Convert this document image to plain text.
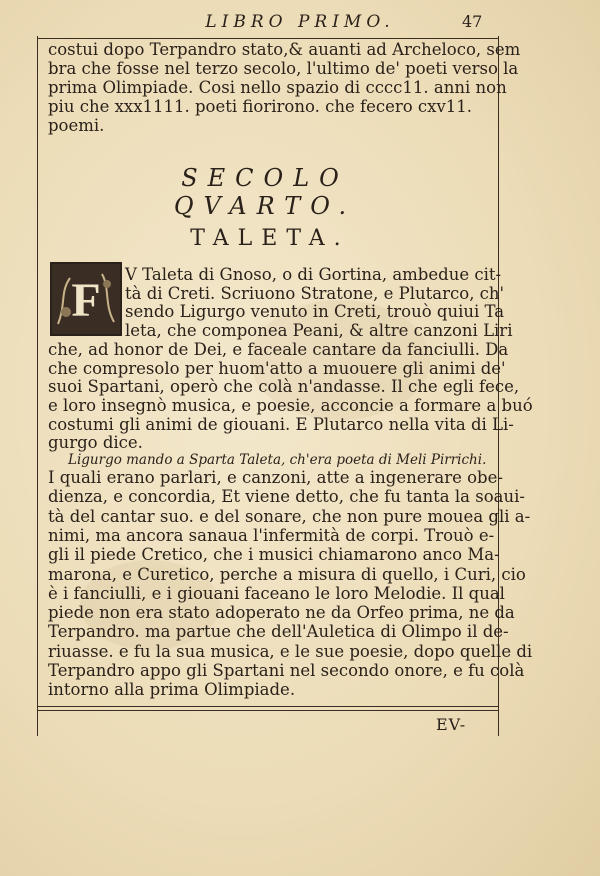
LIBRO PRIMO.	47
costui dopo Terpandro stato,& auanti ad Archeloco, sem
bra che fosse nel terzo secolo, l'ultimo de' poeti verso la
prima Olimpiade. Cosi nello spazio di cccc11. anni non
piu che xxx1111. poeti fiorirono. che fecero cxv11.
poemi.
SECOLO QVARTO.
TALETA.
F V Taleta di Gnoso, o di Gortina, ambedue cit-
tà di Creti. Scriuono Stratone, e Plutarco, ch'
sendo Ligurgo venuto in Creti, trouò quiui Ta
leta, che componea Peani, & altre canzoni Liri
che, ad honor de Dei, e faceale cantare da fanciulli. Da
che compresolo per huom'atto a muouere gli animi de'
suoi Spartani, operò che colà n'andasse. Il che egli fece,
e loro insegnò musica, e poesie, acconcie a formare a buó
costumi gli animi de giouani. E Plutarco nella vita di Li-
gurgo dice.
Ligurgo mando a Sparta Taleta, ch'era poeta di Meli Pirrichi.
I quali erano parlari, e canzoni, atte a ingenerare obe-
dienza, e concordia, Et viene detto, che fu tanta la soaui-
tà del cantar suo. e del sonare, che non pure mouea gli a-
nimi, ma ancora sanaua l'infermità de corpi. Trouò e-
gli il piede Cretico, che i musici chiamarono anco Ma-
marona, e Curetico, perche a misura di quello, i Curi, cio
è i fanciulli, e i giouani faceano le loro Melodie. Il qual
piede non era stato adoperato ne da Orfeo prima, ne da
Terpandro. ma partue che dell'Auletica di Olimpo il de-
riuasse. e fu la sua musica, e le sue poesie, dopo quelle di
Terpandro appo gli Spartani nel secondo onore, e fu colà
intorno alla prima Olimpiade.
EV-
